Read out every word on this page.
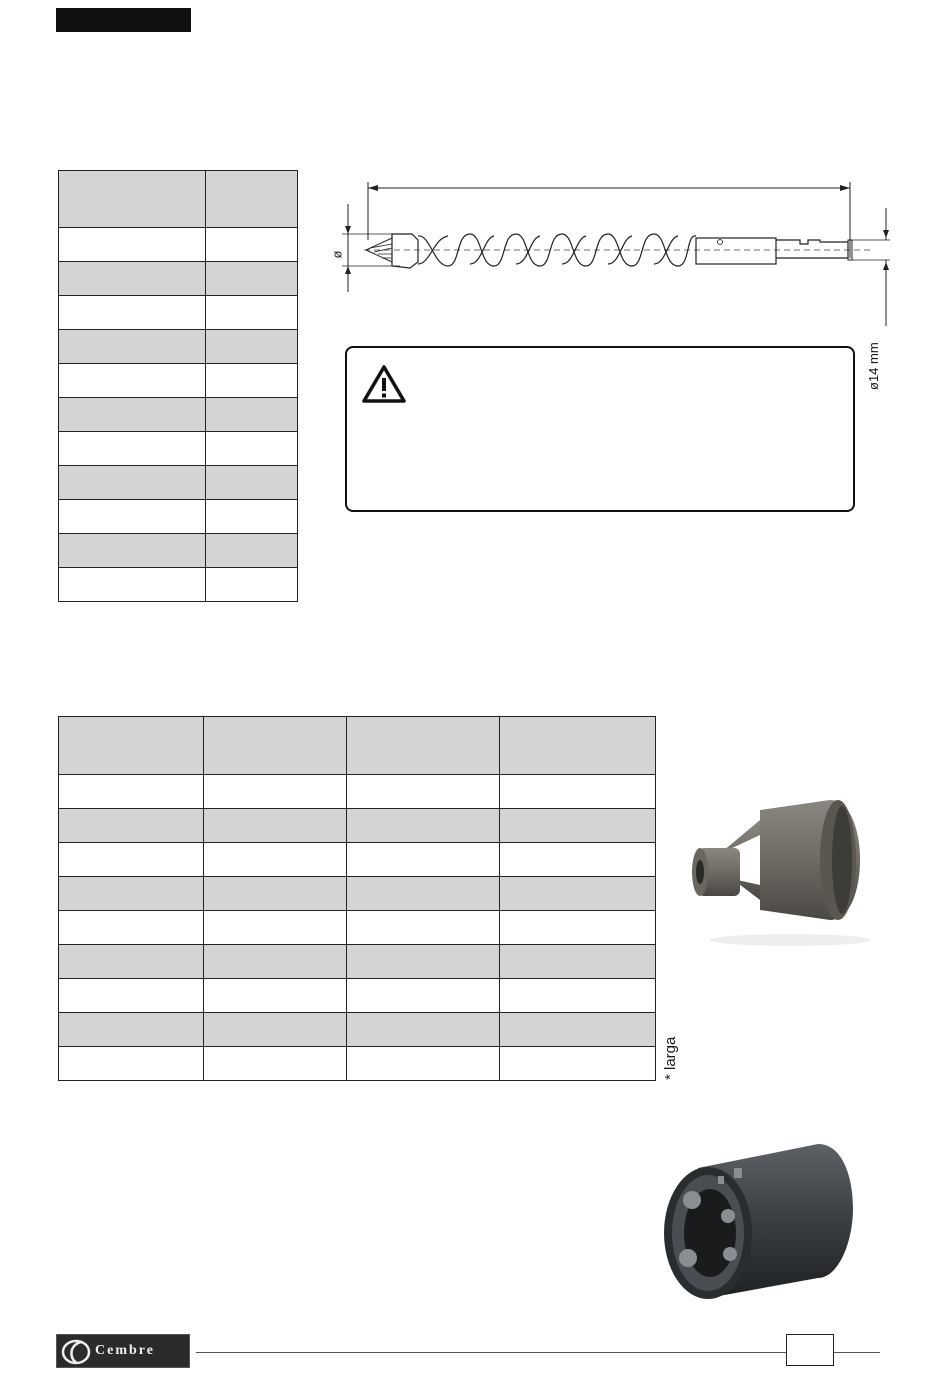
ø
ø14 mm

* larga
Cembre
